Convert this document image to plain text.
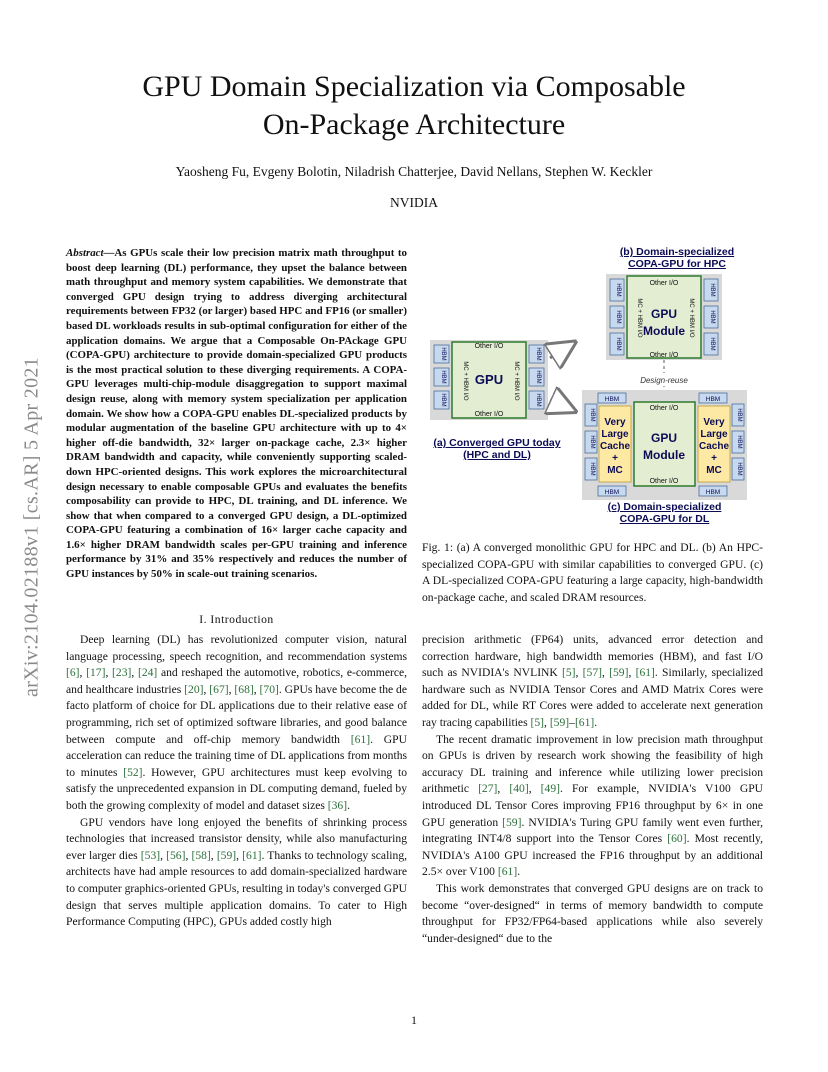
GPU Domain Specialization via Composable
On-Package Architecture
Yaosheng Fu, Evgeny Bolotin, Niladrish Chatterjee, David Nellans, Stephen W. Keckler
NVIDIA
arXiv:2104.02188v1 [cs.AR] 5 Apr 2021

Abstract—As GPUs scale their low precision matrix math throughput to boost deep learning (DL) performance, they upset the balance between math throughput and memory system capabilities. We demonstrate that converged GPU design trying to address diverging architectural requirements between FP32 (or larger) based HPC and FP16 (or smaller) based DL workloads results in sub-optimal configuration for either of the application domains. We argue that a Composable On-PAckage GPU (COPA-GPU) architecture to provide domain-specialized GPU products is the most practical solution to these diverging requirements. A COPA-GPU leverages multi-chip-module disaggregation to support maximal design reuse, along with memory system specialization per application domain. We show how a COPA-GPU enables DL-specialized products by modular augmentation of the baseline GPU architecture with up to 4× higher off-die bandwidth, 32× larger on-package cache, 2.3× higher DRAM bandwidth and capacity, while conveniently supporting scaled-down HPC-oriented designs. This work explores the microarchitectural design necessary to enable composable GPUs and evaluates the benefits composability can provide to HPC, DL training, and DL inference. We show that when compared to a converged GPU design, a DL-optimized COPA-GPU featuring a combination of 16× larger cache capacity and 1.6× higher DRAM bandwidth scales per-GPU training and inference performance by 31% and 35% respectively and reduces the number of GPU instances by 50% in scale-out training scenarios.

I. Introduction

Deep learning (DL) has revolutionized computer vision, natural language processing, speech recognition, and recommendation systems [6], [17], [23], [24] and reshaped the automotive, robotics, e-commerce, and healthcare industries [20], [67], [68], [70]. GPUs have become the de facto platform of choice for DL applications due to their relative ease of programming, rich set of optimized software libraries, and good balance between compute and off-chip memory bandwidth [61]. GPU acceleration can reduce the training time of DL applications from months to minutes [52]. However, GPU architectures must keep evolving to satisfy the unprecedented expansion in DL computing demand, fueled by both the growing complexity of model and dataset sizes [36].

GPU vendors have long enjoyed the benefits of shrinking process technologies that increased transistor density, while also manufacturing ever larger dies [53], [56], [58], [59], [61]. Thanks to technology scaling, architects have had ample resources to add domain-specialized hardware to computer graphics-oriented GPUs, resulting in today's converged GPU design that serves multiple application domains. To cater to High Performance Computing (HPC), GPUs added costly high

Other I/O
Other I/O
GPU
MC + HBM I/O	MC + HBM I/O
HBM
HBM
HBM
HBM
HBM
HBM
Other I/O
Other I/O
GPU
Module
MC + HBM I/O	MC + HBM I/O
HBM
HBM
HBM
HBM
HBM
HBM
Design-reuse
HBM	HBM
HBM	HBM
HBM
HBM
HBM
HBM
HBM
HBM
Very
Large
Cache
+
MC
Very
Large
Cache
+
MC
Other I/O
Other I/O
GPU
Module
(b) Domain-specialized
COPA-GPU for HPC
(a) Converged GPU today
(HPC and DL)
(c) Domain-specialized
COPA-GPU for DL
Fig. 1: (a) A converged monolithic GPU for HPC and DL. (b) An HPC-specialized COPA-GPU with similar capabilities to converged GPU. (c) A DL-specialized COPA-GPU featuring a large capacity, high-bandwidth on-package cache, and scaled DRAM resources.

precision arithmetic (FP64) units, advanced error detection and correction hardware, high bandwidth memories (HBM), and fast I/O such as NVIDIA's NVLINK [5], [57], [59], [61]. Similarly, specialized hardware such as NVIDIA Tensor Cores and AMD Matrix Cores were added for DL, while RT Cores were added to accelerate next generation ray tracing capabilities [5], [59]–[61].

The recent dramatic improvement in low precision math throughput on GPUs is driven by research work showing the feasibility of high accuracy DL training and inference while utilizing lower precision arithmetic [27], [40], [49]. For example, NVIDIA's V100 GPU introduced DL Tensor Cores improving FP16 throughput by 6× in one GPU generation [59]. NVIDIA's Turing GPU family went even further, integrating INT4/8 support into the Tensor Cores [60]. Most recently, NVIDIA's A100 GPU increased the FP16 throughput by an additional 2.5× over V100 [61].

This work demonstrates that converged GPU designs are on track to become “over-designed“ in terms of memory bandwidth to compute throughput for FP32/FP64-based applications while also severely “under-designed“ due to the

1
